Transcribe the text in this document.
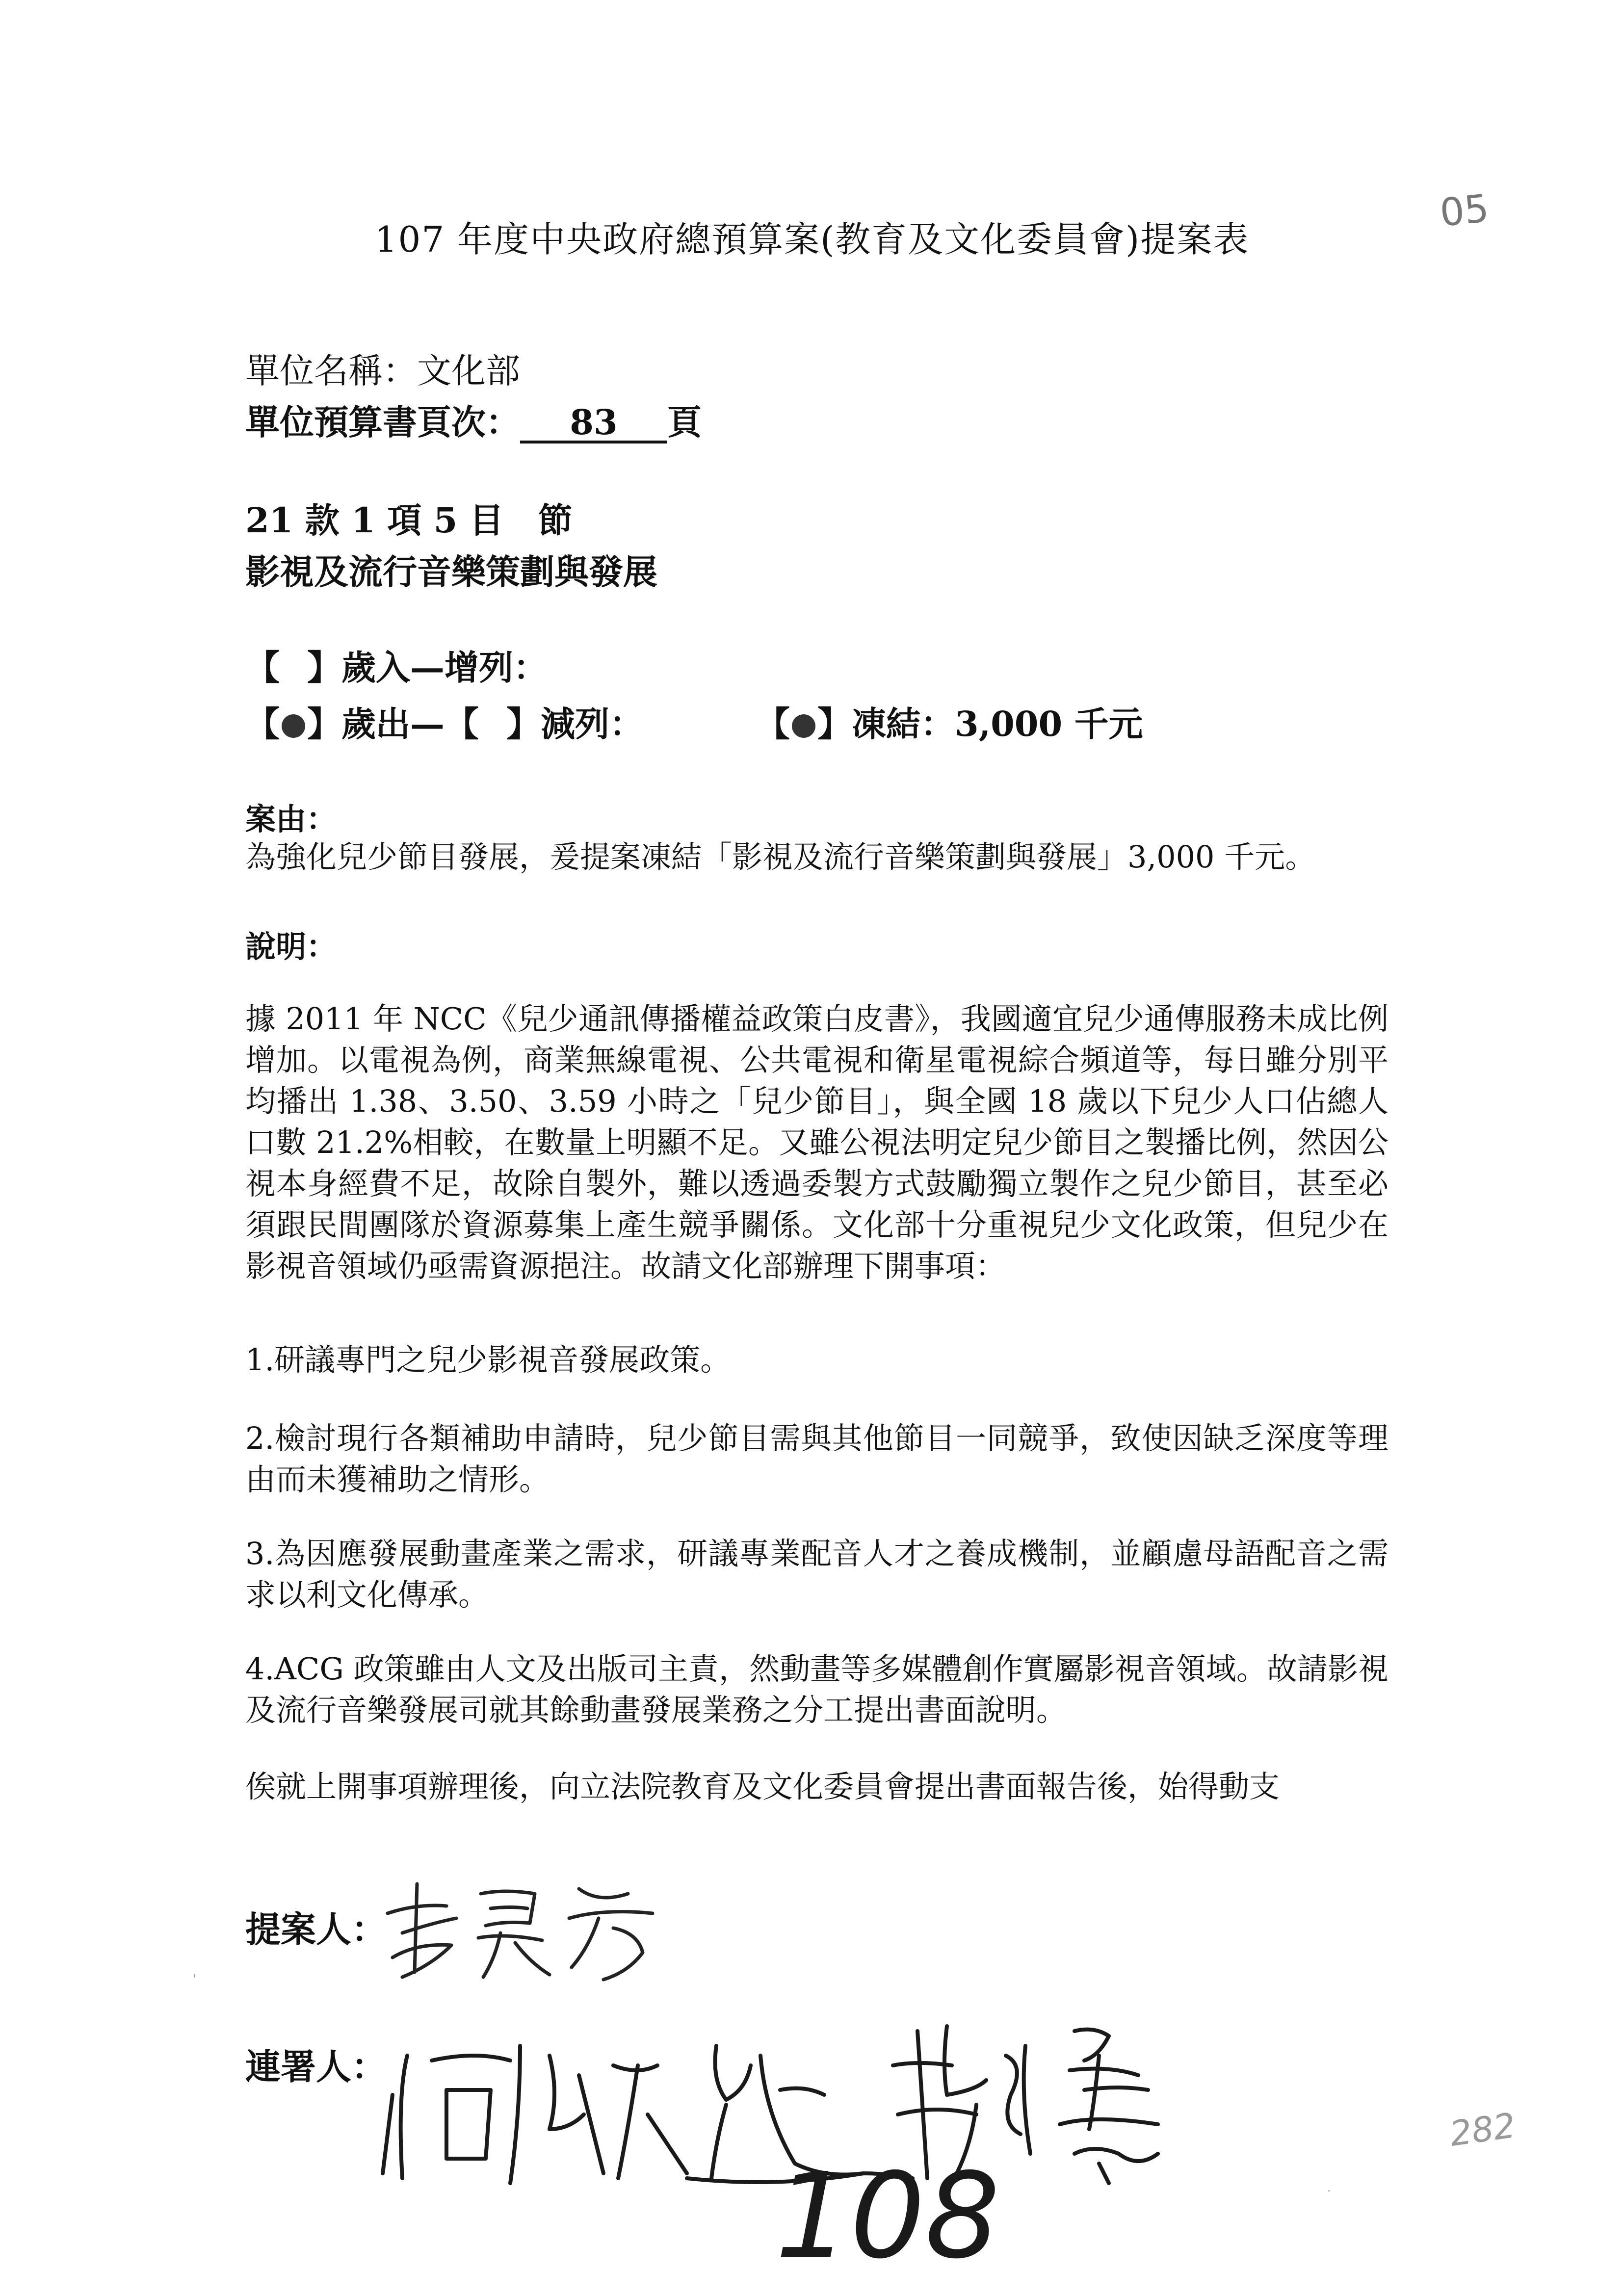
107 年度中央政府總預算案(教育及文化委員會)提案表
05
單位名稱：文化部
單位預算書頁次： 83 頁
21 款 1 項 5 目　節
影視及流行音樂策劃與發展
【 】歲入—增列：
【 】歲出—【 】減列：	【 】凍結：3,000 千元
案由：
為強化兒少節目發展，爰提案凍結「影視及流行音樂策劃與發展」3,000 千元。
說明：
據 2011 年 NCC《兒少通訊傳播權益政策白皮書》，我國適宜兒少通傳服務未成比例增加。以電視為例，商業無線電視、公共電視和衛星電視綜合頻道等，每日雖分別平均播出 1.38、3.50、3.59 小時之「兒少節目」，與全國 18 歲以下兒少人口佔總人口數 21.2%相較，在數量上明顯不足。又雖公視法明定兒少節目之製播比例，然因公視本身經費不足，故除自製外，難以透過委製方式鼓勵獨立製作之兒少節目，甚至必須跟民間團隊於資源募集上產生競爭關係。文化部十分重視兒少文化政策，但兒少在影視音領域仍亟需資源挹注。故請文化部辦理下開事項：
1.研議專門之兒少影視音發展政策。
2.檢討現行各類補助申請時，兒少節目需與其他節目一同競爭，致使因缺乏深度等理由而未獲補助之情形。
3.為因應發展動畫產業之需求，研議專業配音人才之養成機制，並顧慮母語配音之需求以利文化傳承。
4.ACG 政策雖由人文及出版司主責，然動畫等多媒體創作實屬影視音領域。故請影視及流行音樂發展司就其餘動畫發展業務之分工提出書面說明。
俟就上開事項辦理後，向立法院教育及文化委員會提出書面報告後，始得動支
提案人：
連署人：
108
'
.
282
